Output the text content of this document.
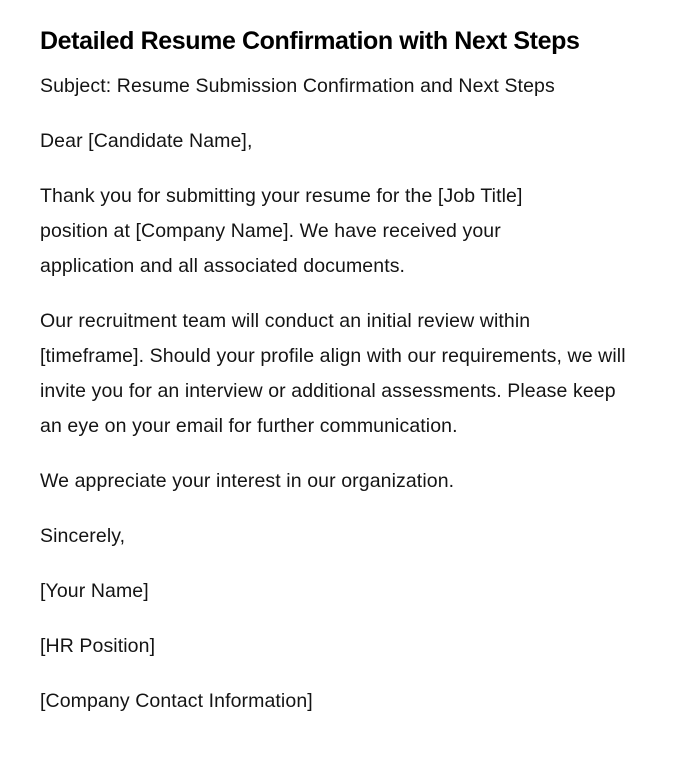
Detailed Resume Confirmation with Next Steps

Subject: Resume Submission Confirmation and Next Steps

Dear [Candidate Name],

Thank you for submitting your resume for the [Job Title] position at [Company Name]. We have received your application and all associated documents.

Our recruitment team will conduct an initial review within [timeframe]. Should your profile align with our requirements, we will invite you for an interview or additional assessments. Please keep an eye on your email for further communication.

We appreciate your interest in our organization.

Sincerely,

[Your Name]

[HR Position]

[Company Contact Information]
